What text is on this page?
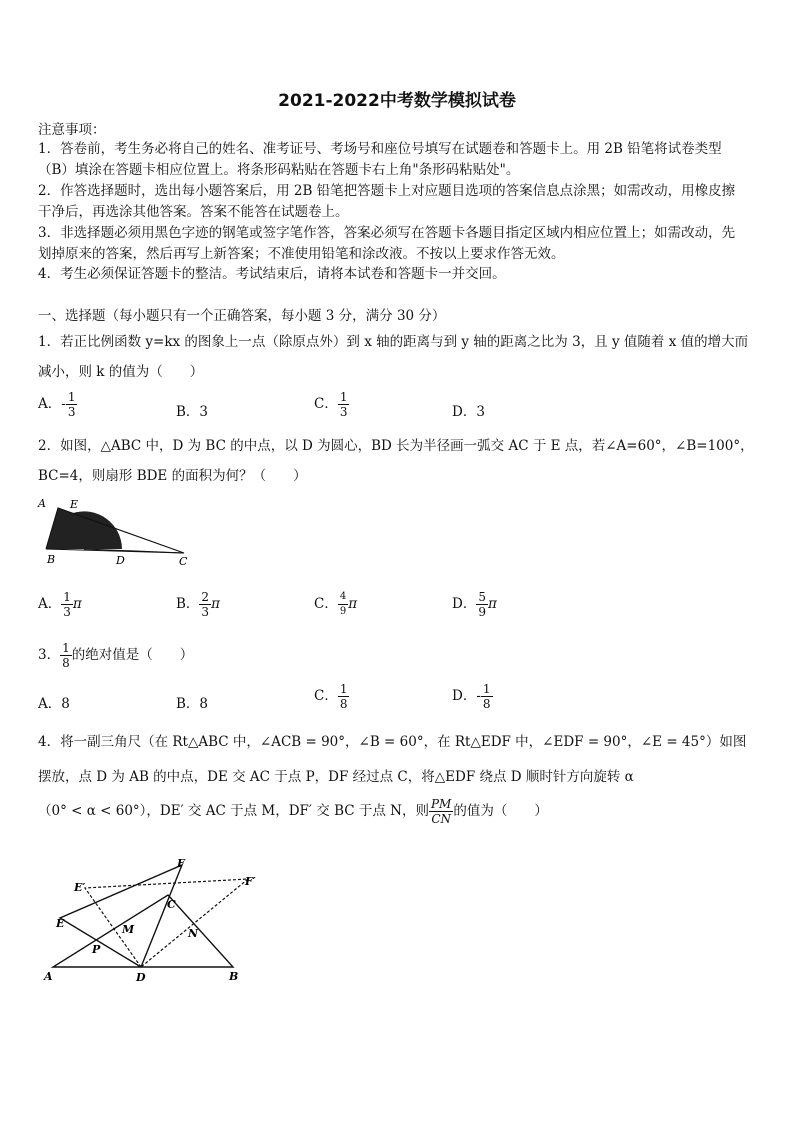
2021-2022中考数学模拟试卷
注意事项：
1．答卷前，考生务必将自己的姓名、准考证号、考场号和座位号填写在试题卷和答题卡上。用 2B 铅笔将试卷类型
（B）填涂在答题卡相应位置上。将条形码粘贴在答题卡右上角"条形码粘贴处"。
2．作答选择题时，选出每小题答案后，用 2B 铅笔把答题卡上对应题目选项的答案信息点涂黑；如需改动，用橡皮擦
干净后，再选涂其他答案。答案不能答在试题卷上。
3．非选择题必须用黑色字迹的钢笔或签字笔作答，答案必须写在答题卡各题目指定区域内相应位置上；如需改动，先
划掉原来的答案，然后再写上新答案；不准使用铅笔和涂改液。不按以上要求作答无效。
4．考生必须保证答题卡的整洁。考试结束后，请将本试卷和答题卡一并交回。
一、选择题（每小题只有一个正确答案，每小题 3 分，满分 30 分）
1．若正比例函数 y=kx 的图象上一点（除原点外）到 x 轴的距离与到 y 轴的距离之比为 3，且 y 值随着 x 值的增大而
减小，则 k 的值为（　　）
A．- $\frac{1}{3}$	B．3	C． $\frac{1}{3}$	D．3
2．如图，△ABC 中，D 为 BC 的中点，以 D 为圆心，BD 长为半径画一弧交 AC 于 E 点，若∠A=60°，∠B=100°，
BC=4，则扇形 BDE 的面积为何？（　　）
A E
B	D	C
A． $\frac{1}{3}$ π	B． $\frac{2}{3}$ π	C． $\frac{4}{9}$ π	D． $\frac{5}{9}$ π
3． $\frac{1}{8}$ 的绝对值是（　　）
A．8	B．8	C． $\frac{1}{8}$	D．- $\frac{1}{8}$
4．将一副三角尺（在 Rt△ABC 中，∠ACB = 90°，∠B = 60°，在 Rt△EDF 中，∠EDF = 90°，∠E = 45°）如图
摆放，点 D 为 AB 的中点，DE 交 AC 于点 P，DF 经过点 C，将△EDF 绕点 D 顺时针方向旋转 α
（0° < α < 60°），DE′ 交 AC 于点 M，DF′ 交 BC 于点 N，则 $\frac{PM}{CN}$ 的值为（　　）
F
E′	F′
E
C
M	N
P
A	D	B
